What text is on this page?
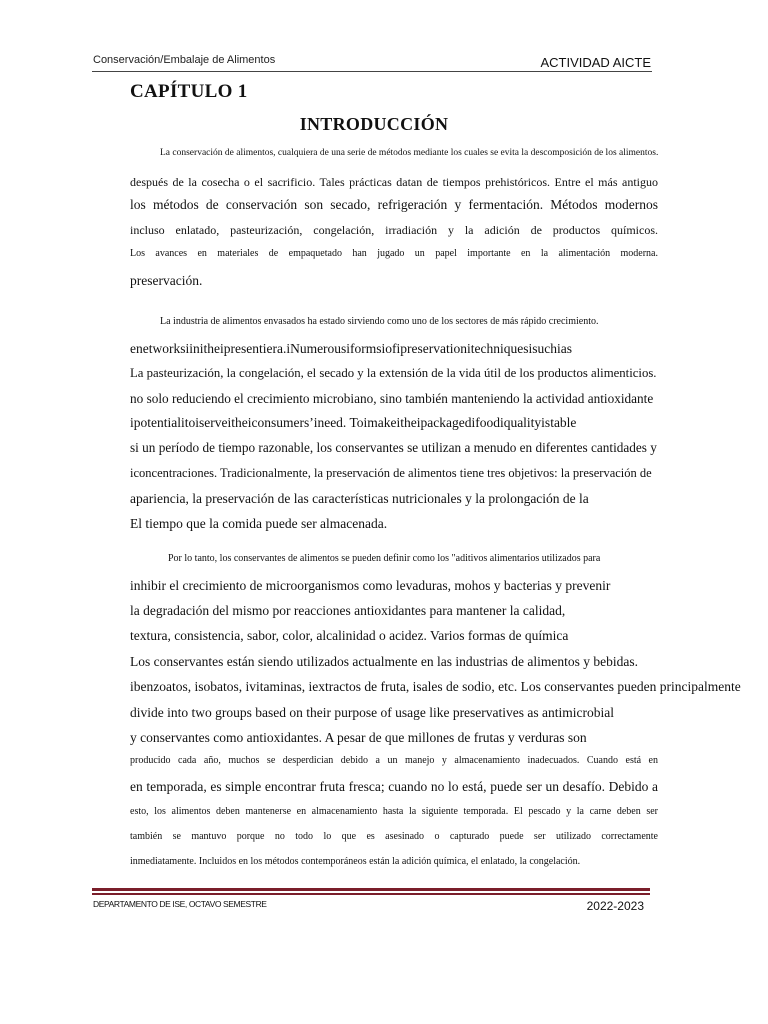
Conservación/Embalaje de Alimentos	ACTIVIDAD AICTE
CAPÍTULO 1
INTRODUCCIÓN
La conservación de alimentos, cualquiera de una serie de métodos mediante los cuales se evita la descomposición de los alimentos.
después de la cosecha o el sacrificio. Tales prácticas datan de tiempos prehistóricos. Entre el más antiguo
los métodos de conservación son secado, refrigeración y fermentación. Métodos modernos
incluso enlatado, pasteurización, congelación, irradiación y la adición de productos químicos.
Los avances en materiales de empaquetado han jugado un papel importante en la alimentación moderna.
preservación.
La industria de alimentos envasados ha estado sirviendo como uno de los sectores de más rápido crecimiento.
enetworksiinitheipresentiera.iNumerousiformsiofipreservationitechniquesisuchias
La pasteurización, la congelación, el secado y la extensión de la vida útil de los productos alimenticios.
no solo reduciendo el crecimiento microbiano, sino también manteniendo la actividad antioxidante
ipotentialitoiserveitheiconsumers’ineed. Toimakeitheipackagedifoodiqualityistable
si un período de tiempo razonable, los conservantes se utilizan a menudo en diferentes cantidades y
iconcentraciones. Tradicionalmente, la preservación de alimentos tiene tres objetivos: la preservación de
apariencia, la preservación de las características nutricionales y la prolongación de la
El tiempo que la comida puede ser almacenada.
Por lo tanto, los conservantes de alimentos se pueden definir como los "aditivos alimentarios utilizados para
inhibir el crecimiento de microorganismos como levaduras, mohos y bacterias y prevenir
la degradación del mismo por reacciones antioxidantes para mantener la calidad,
textura, consistencia, sabor, color, alcalinidad o acidez. Varios formas de química
Los conservantes están siendo utilizados actualmente en las industrias de alimentos y bebidas.
ibenzoatos, isobatos, ivitaminas, iextractos de fruta, isales de sodio, etc. Los conservantes pueden principalmente
divide into two groups based on their purpose of usage like preservatives as antimicrobial
y conservantes como antioxidantes. A pesar de que millones de frutas y verduras son
producido cada año, muchos se desperdician debido a un manejo y almacenamiento inadecuados. Cuando está en
en temporada, es simple encontrar fruta fresca; cuando no lo está, puede ser un desafío. Debido a
esto, los alimentos deben mantenerse en almacenamiento hasta la siguiente temporada. El pescado y la carne deben ser
también se mantuvo porque no todo lo que es asesinado o capturado puede ser utilizado correctamente
inmediatamente. Incluidos en los métodos contemporáneos están la adición química, el enlatado, la congelación.
DEPARTAMENTO DE ISE, OCTAVO SEMESTRE	2022-2023
